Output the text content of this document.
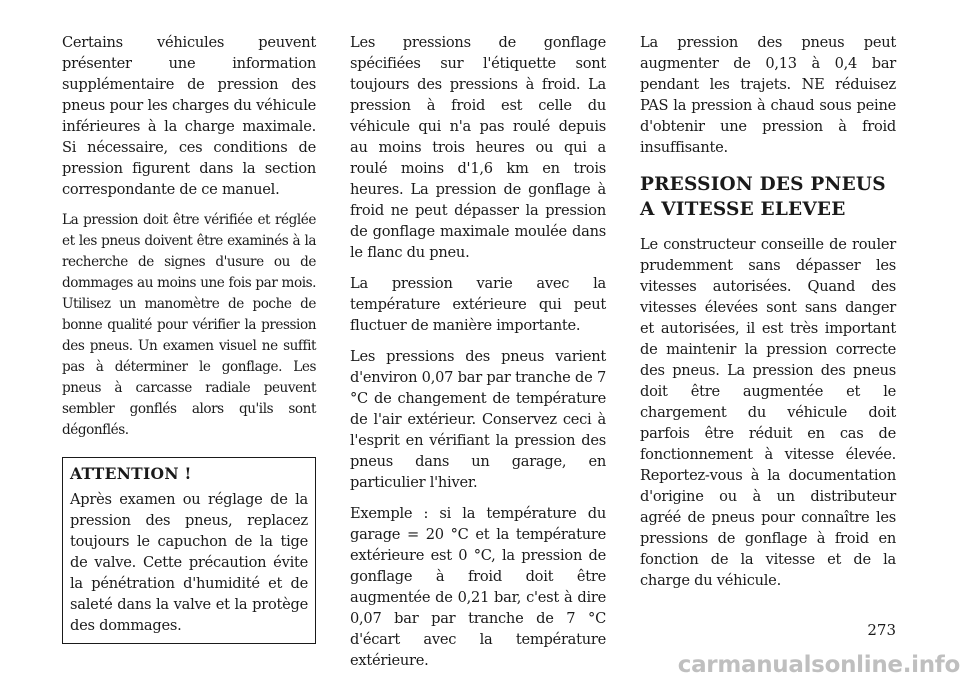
Certains véhicules peuvent présenter une information supplémentaire de pression des pneus pour les charges du véhicule inférieures à la charge maximale. Si nécessaire, ces conditions de pression figurent dans la section correspondante de ce manuel.

La pression doit être vérifiée et réglée et les pneus doivent être examinés à la recherche de signes d'usure ou de dommages au moins une fois par mois. Utilisez un manomètre de poche de bonne qualité pour vérifier la pression des pneus. Un examen visuel ne suffit pas à déterminer le gonflage. Les pneus à carcasse radiale peuvent sembler gonflés alors qu'ils sont dégonflés.

ATTENTION !

Après examen ou réglage de la pression des pneus, replacez toujours le capuchon de la tige de valve. Cette précaution évite la pénétration d'humidité et de saleté dans la valve et la protège des dommages.

Les pressions de gonflage spécifiées sur l'étiquette sont toujours des pressions à froid. La pression à froid est celle du véhicule qui n'a pas roulé depuis au moins trois heures ou qui a roulé moins d'1,6 km en trois heures. La pression de gonflage à froid ne peut dépasser la pression de gonflage maximale moulée dans le flanc du pneu.

La pression varie avec la température extérieure qui peut fluctuer de manière importante.

Les pressions des pneus varient d'environ 0,07 bar par tranche de 7 °C de changement de température de l'air extérieur. Conservez ceci à l'esprit en vérifiant la pression des pneus dans un garage, en particulier l'hiver.

Exemple : si la température du garage = 20 °C et la température extérieure est 0 °C, la pression de gonflage à froid doit être augmentée de 0,21 bar, c'est à dire 0,07 bar par tranche de 7 °C d'écart avec la température extérieure.

La pression des pneus peut augmenter de 0,13 à 0,4 bar pendant les trajets. NE réduisez PAS la pression à chaud sous peine d'obtenir une pression à froid insuffisante.

PRESSION DES PNEUS A VITESSE ELEVEE

Le constructeur conseille de rouler prudemment sans dépasser les vitesses autorisées. Quand des vitesses élevées sont sans danger et autorisées, il est très important de maintenir la pression correcte des pneus. La pression des pneus doit être augmentée et le chargement du véhicule doit parfois être réduit en cas de fonctionnement à vitesse élevée. Reportez-vous à la documentation d'origine ou à un distributeur agréé de pneus pour connaître les pressions de gonflage à froid en fonction de la vitesse et de la charge du véhicule.

273
carmanualsonline.info
